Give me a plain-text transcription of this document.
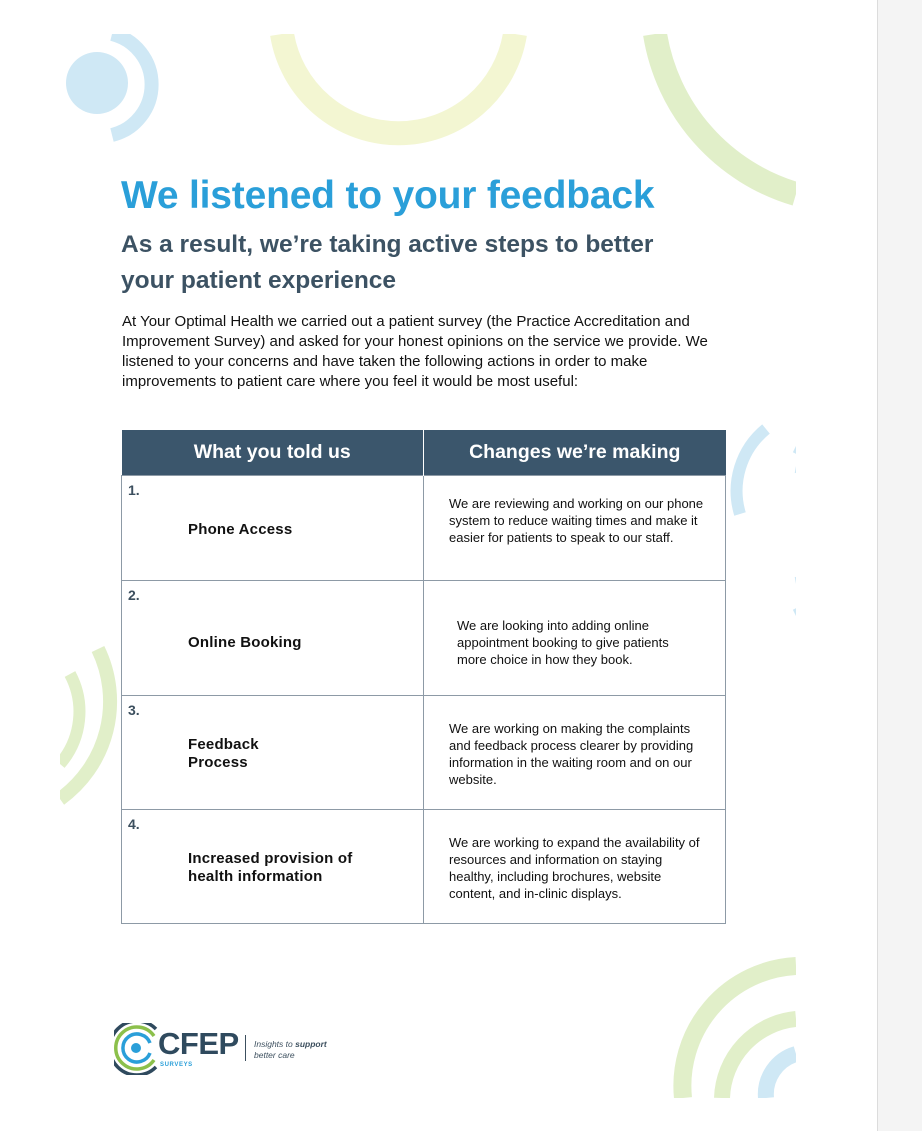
We listened to your feedback
As a result, we’re taking active steps to better your patient experience

At Your Optimal Health we carried out a patient survey (the Practice Accreditation and Improvement Survey) and asked for your honest opinions on the service we provide. We listened to your concerns and have taken the following actions in order to make improvements to patient care where you feel it would be most useful:

What you told us	Changes we’re making

1.
Phone Access	We are reviewing and working on our phone system to reduce waiting times and make it easier for patients to speak to our staff.

2.
Online Booking	We are looking into adding online appointment booking to give patients more choice in how they book.

3.
Feedback Process	We are working on making the complaints and feedback process clearer by providing information in the waiting room and on our website.

4.
Increased provision of health information	We are working to expand the availability of resources and information on staying healthy, including brochures, website content, and in-clinic displays.
CFEP
SURVEYS
Insights to support
better care
